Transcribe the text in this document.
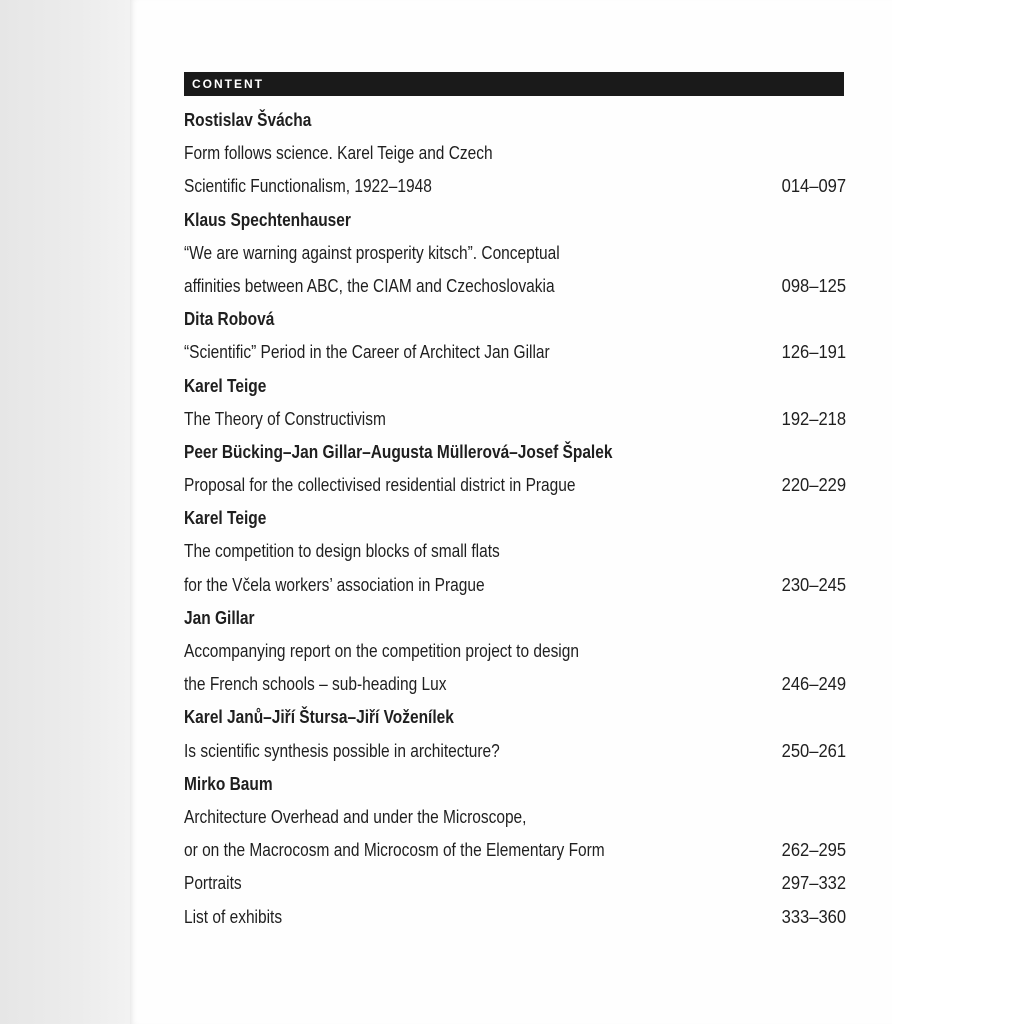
CONTENT
Rostislav Švácha
Form follows science. Karel Teige and Czech
Scientific Functionalism, 1922–1948	014–097
Klaus Spechtenhauser
“We are warning against prosperity kitsch”. Conceptual
affinities between ABC, the CIAM and Czechoslovakia	098–125
Dita Robová
“Scientific” Period in the Career of Architect Jan Gillar	126–191
Karel Teige
The Theory of Constructivism	192–218
Peer Bücking–Jan Gillar–Augusta Müllerová–Josef Špalek
Proposal for the collectivised residential district in Prague	220–229
Karel Teige
The competition to design blocks of small flats
for the Včela workers’ association in Prague	230–245
Jan Gillar
Accompanying report on the competition project to design
the French schools – sub-heading Lux	246–249
Karel Janů–Jiří Štursa–Jiří Voženílek
Is scientific synthesis possible in architecture?	250–261
Mirko Baum
Architecture Overhead and under the Microscope,
or on the Macrocosm and Microcosm of the Elementary Form	262–295
Portraits	297–332
List of exhibits	333–360
